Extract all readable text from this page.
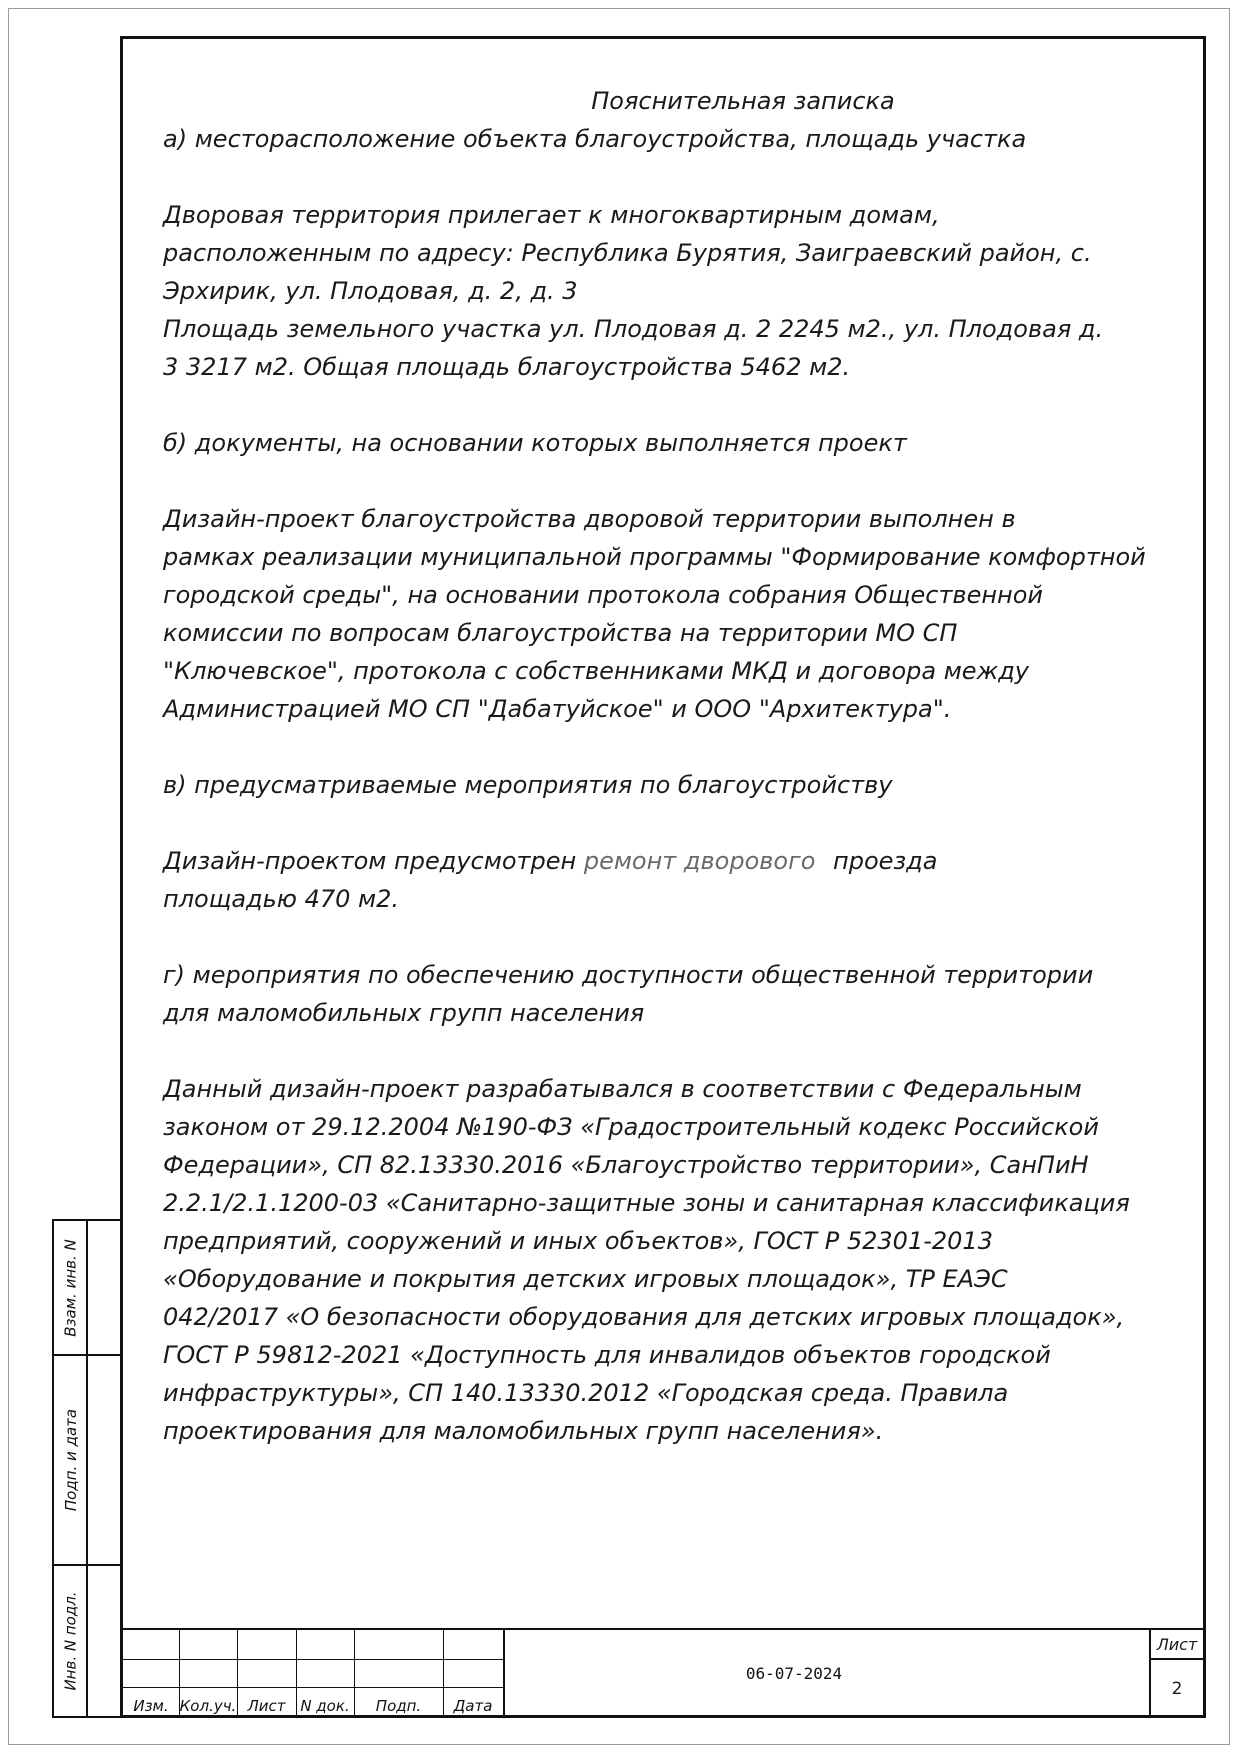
Взам. инв. N
Подп. и дата
Инв. N подл.

Пояснительная записка

а) месторасположение объекта благоустройства, площадь участка

Дворовая территория прилегает к многоквартирным домам,
расположенным по адресу: Республика Бурятия, Заиграевский район, с.
Эрхирик, ул. Плодовая, д. 2, д. 3
Площадь земельного участка ул. Плодовая д. 2 2245 м2., ул. Плодовая д.
3 3217 м2. Общая площадь благоустройства 5462 м2.

б) документы, на основании которых выполняется проект

Дизайн-проект благоустройства дворовой территории выполнен в
рамках реализации муниципальной программы "Формирование комфортной
городской среды", на основании протокола собрания Общественной
комиссии по вопросам благоустройства на территории МО СП
"Ключевское", протокола с собственниками МКД и договора между
Администрацией МО СП "Дабатуйское" и ООО "Архитектура".

в) предусматриваемые мероприятия по благоустройству

Дизайн-проектом предусмотрен ремонт дворового проезда
площадью 470 м2.

г) мероприятия по обеспечению доступности общественной территории
для маломобильных групп населения

Данный дизайн-проект разрабатывался в соответствии с Федеральным
законом от 29.12.2004 №190-ФЗ «Градостроительный кодекс Российской
Федерации», СП 82.13330.2016 «Благоустройство территории», СанПиН
2.2.1/2.1.1200-03 «Санитарно-защитные зоны и санитарная классификация
предприятий, сооружений и иных объектов», ГОСТ Р 52301-2013
«Оборудование и покрытия детских игровых площадок», ТР ЕАЭС
042/2017 «О безопасности оборудования для детских игровых площадок»,
ГОСТ Р 59812-2021 «Доступность для инвалидов объектов городской
инфраструктуры», СП 140.13330.2012 «Городская среда. Правила
проектирования для маломобильных групп населения».

Изм. Кол.уч. Лист N док.	Подп.	Дата
06-07-2024
Лист
2
